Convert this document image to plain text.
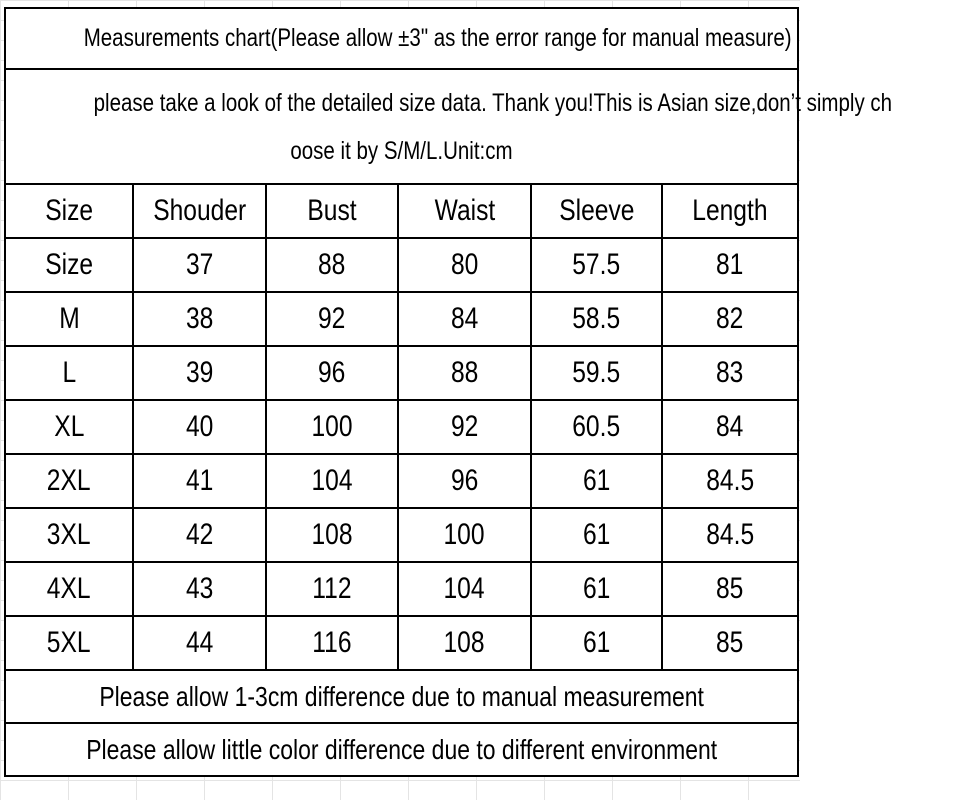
Measurements chart(Please allow ±3" as the error range for manual measure)					
please take a look of the detailed size data. Thank you!This is Asian size,don’t simply ch
oose it by S/M/L.Unit:cm					
Size	Shouder	Bust	Waist	Sleeve	Length
Size	37	88	80	57.5	81
M	38	92	84	58.5	82
L	39	96	88	59.5	83
XL	40	100	92	60.5	84
2XL	41	104	96	61	84.5
3XL	42	108	100	61	84.5
4XL	43	112	104	61	85
5XL	44	116	108	61	85
Please allow 1-3cm difference due to manual measurement					
Please allow little color difference due to different environment					
